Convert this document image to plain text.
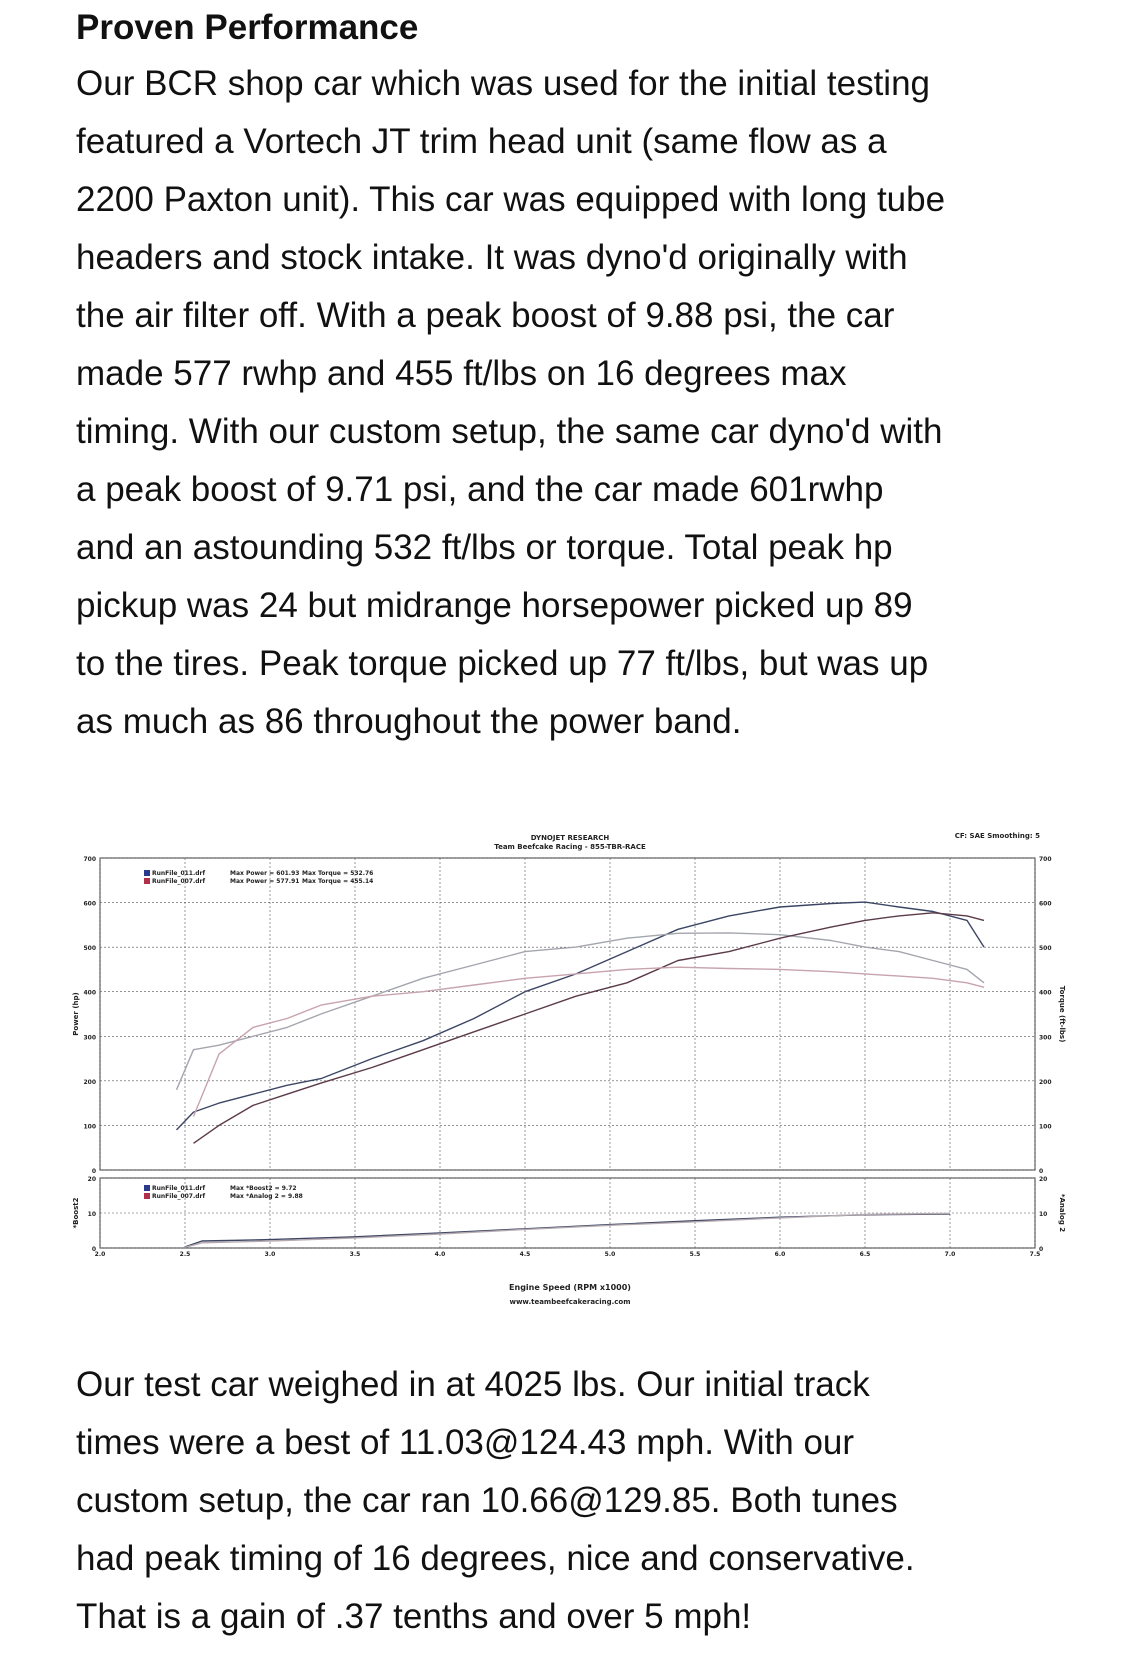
Proven Performance

Our BCR shop car which was used for the initial testing
featured a Vortech JT trim head unit (same flow as a
2200 Paxton unit). This car was equipped with long tube
headers and stock intake. It was dyno'd originally with
the air filter off. With a peak boost of 9.88 psi, the car
made 577 rwhp and 455 ft/lbs on 16 degrees max
timing. With our custom setup, the same car dyno'd with
a peak boost of 9.71 psi, and the car made 601rwhp
and an astounding 532 ft/lbs or torque. Total peak hp
pickup was 24 but midrange horsepower picked up 89
to the tires. Peak torque picked up 77 ft/lbs, but was up
as much as 86 throughout the power band.

DYNOJET RESEARCH
Team Beefcake Racing - 855-TBR-RACE
CF: SAE Smoothing: 5
Engine Speed (RPM x1000)
www.teambeefcakeracing.com
0	0
100	100
200	200
300	300
400	400
500	500
600	600
700	700
Power (hp)	Torque (ft-lbs)
0	0
10	10
20	20
*Boost2	*Analog 2
2.0	2.5	3.0	3.5	4.0	4.5	5.0	5.5	6.0	6.5	7.0	7.5
RunFile_011.drf	Max Power = 601.93 Max Torque = 532.76
RunFile_007.drf	Max Power = 577.91 Max Torque = 455.14
RunFile_011.drf	Max *Boost2 = 9.72
RunFile_007.drf	Max *Analog 2 = 9.88

Our test car weighed in at 4025 lbs. Our initial track
times were a best of 11.03@124.43 mph. With our
custom setup, the car ran 10.66@129.85. Both tunes
had peak timing of 16 degrees, nice and conservative.
That is a gain of .37 tenths and over 5 mph!
